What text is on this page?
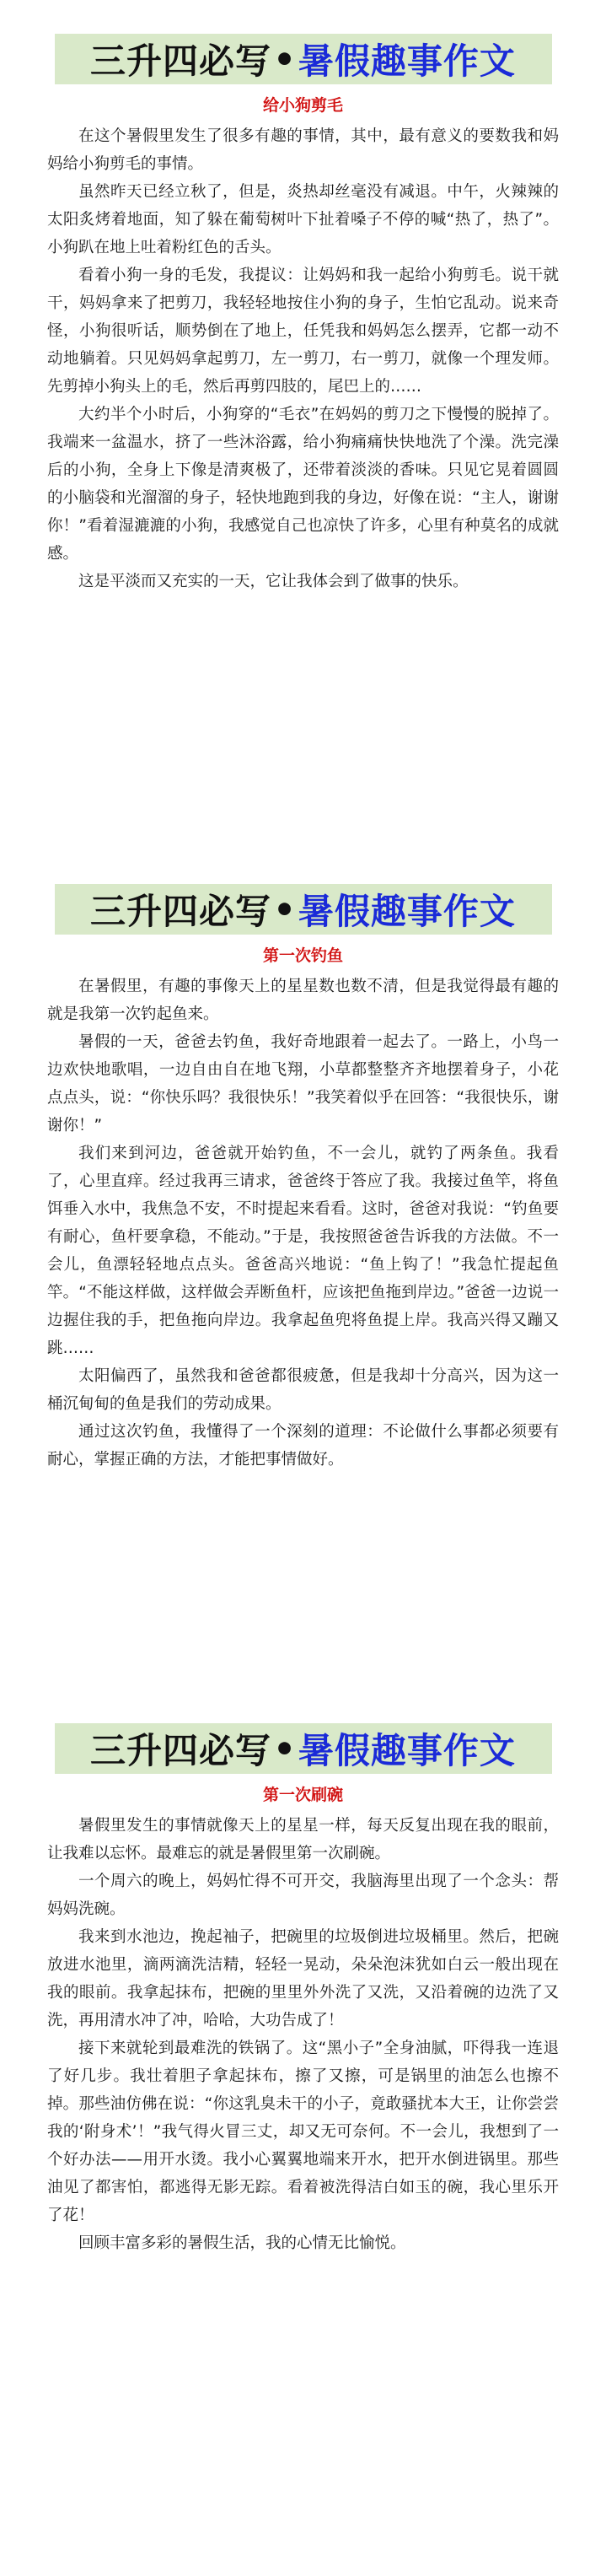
三升四必写 • 暑假趣事作文
给小狗剪毛

在这个暑假里发生了很多有趣的事情，其中，最有意义的要数我和妈妈给小狗剪毛的事情。

虽然昨天已经立秋了，但是，炎热却丝毫没有减退。中午，火辣辣的太阳炙烤着地面，知了躲在葡萄树叶下扯着嗓子不停的喊“热了，热了”。小狗趴在地上吐着粉红色的舌头。

看着小狗一身的毛发，我提议：让妈妈和我一起给小狗剪毛。说干就干，妈妈拿来了把剪刀，我轻轻地按住小狗的身子，生怕它乱动。说来奇怪，小狗很听话，顺势倒在了地上，任凭我和妈妈怎么摆弄，它都一动不动地躺着。只见妈妈拿起剪刀，左一剪刀，右一剪刀，就像一个理发师。先剪掉小狗头上的毛，然后再剪四肢的，尾巴上的……

大约半个小时后，小狗穿的“毛衣”在妈妈的剪刀之下慢慢的脱掉了。我端来一盆温水，挤了一些沐浴露，给小狗痛痛快快地洗了个澡。洗完澡后的小狗，全身上下像是清爽极了，还带着淡淡的香味。只见它晃着圆圆的小脑袋和光溜溜的身子，轻快地跑到我的身边，好像在说：“主人，谢谢你！”看着湿漉漉的小狗，我感觉自己也凉快了许多，心里有种莫名的成就感。

这是平淡而又充实的一天，它让我体会到了做事的快乐。

三升四必写 • 暑假趣事作文
第一次钓鱼

在暑假里，有趣的事像天上的星星数也数不清，但是我觉得最有趣的就是我第一次钓起鱼来。

暑假的一天，爸爸去钓鱼，我好奇地跟着一起去了。一路上，小鸟一边欢快地歌唱，一边自由自在地飞翔，小草都整整齐齐地摆着身子，小花点点头，说：“你快乐吗？我很快乐！”我笑着似乎在回答：“我很快乐，谢谢你！”

我们来到河边，爸爸就开始钓鱼，不一会儿，就钓了两条鱼。我看了，心里直痒。经过我再三请求，爸爸终于答应了我。我接过鱼竿，将鱼饵垂入水中，我焦急不安，不时提起来看看。这时，爸爸对我说：“钓鱼要有耐心，鱼杆要拿稳，不能动。”于是，我按照爸爸告诉我的方法做。不一会儿，鱼漂轻轻地点点头。爸爸高兴地说：“鱼上钩了！”我急忙提起鱼竿。“不能这样做，这样做会弄断鱼杆，应该把鱼拖到岸边。”爸爸一边说一边握住我的手，把鱼拖向岸边。我拿起鱼兜将鱼提上岸。我高兴得又蹦又跳……

太阳偏西了，虽然我和爸爸都很疲惫，但是我却十分高兴，因为这一桶沉甸甸的鱼是我们的劳动成果。

通过这次钓鱼，我懂得了一个深刻的道理：不论做什么事都必须要有耐心，掌握正确的方法，才能把事情做好。

三升四必写 • 暑假趣事作文
第一次刷碗

暑假里发生的事情就像天上的星星一样，每天反复出现在我的眼前，让我难以忘怀。最难忘的就是暑假里第一次刷碗。

一个周六的晚上，妈妈忙得不可开交，我脑海里出现了一个念头：帮妈妈洗碗。

我来到水池边，挽起袖子，把碗里的垃圾倒进垃圾桶里。然后，把碗放进水池里，滴两滴洗洁精，轻轻一晃动，朵朵泡沫犹如白云一般出现在我的眼前。我拿起抹布，把碗的里里外外洗了又洗，又沿着碗的边洗了又洗，再用清水冲了冲，哈哈，大功告成了！

接下来就轮到最难洗的铁锅了。这“黑小子”全身油腻，吓得我一连退了好几步。我壮着胆子拿起抹布，擦了又擦，可是锅里的油怎么也擦不掉。那些油仿佛在说：“你这乳臭未干的小子，竟敢骚扰本大王，让你尝尝我的‘附身术’！”我气得火冒三丈，却又无可奈何。不一会儿，我想到了一个好办法——用开水烫。我小心翼翼地端来开水，把开水倒进锅里。那些油见了都害怕，都逃得无影无踪。看着被洗得洁白如玉的碗，我心里乐开了花！

回顾丰富多彩的暑假生活，我的心情无比愉悦。
